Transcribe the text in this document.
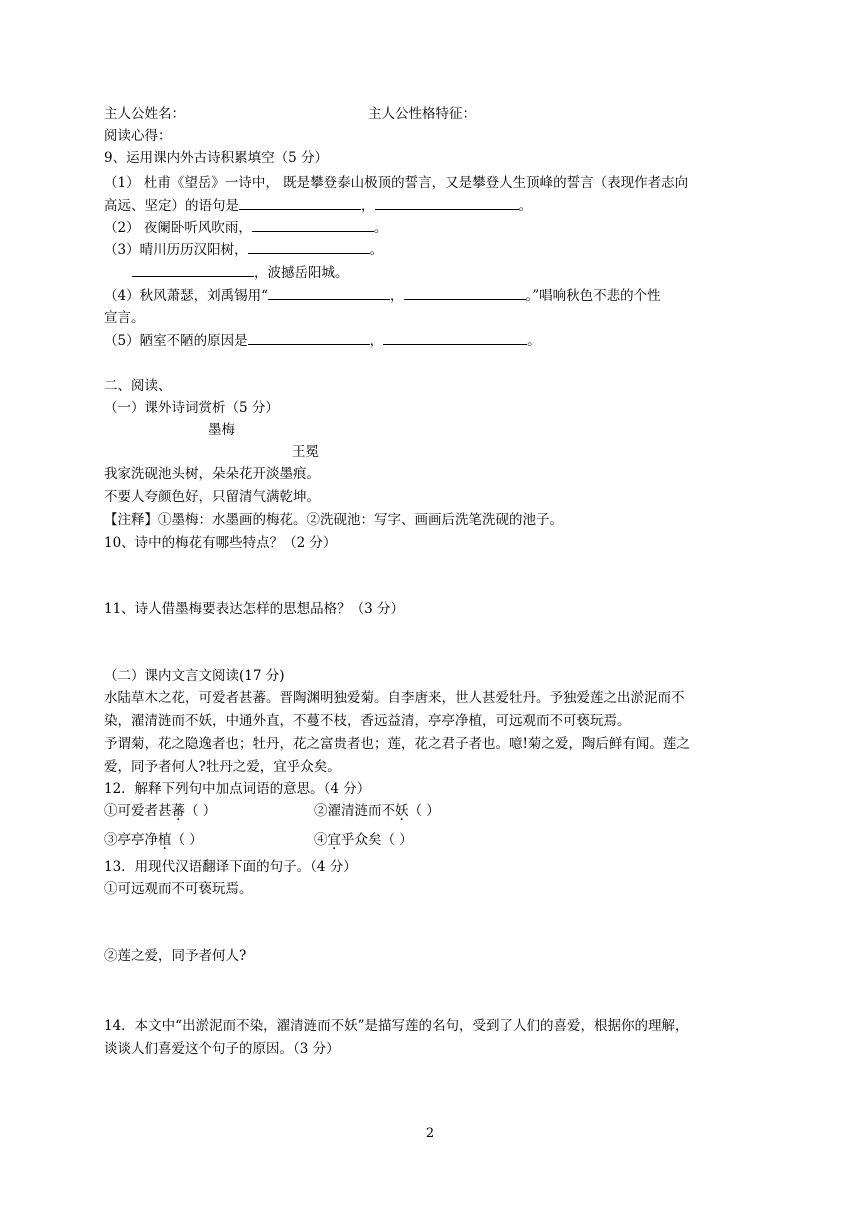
主人公姓名：	主人公性格特征：
阅读心得：
9、运用课内外古诗积累填空（5 分）
（1） 杜甫《望岳》一诗中， 既是攀登泰山极顶的誓言，又是攀登人生顶峰的誓言（表现作者志向
高远、坚定）的语句是	，	。
（2） 夜阑卧听风吹雨，	。
（3）晴川历历汉阳树，	。
，波撼岳阳城。
（4）秋风萧瑟，刘禹锡用“	，	。”唱响秋色不悲的个性
宣言。
（5）陋室不陋的原因是	，	。
二、阅读、
（一）课外诗词赏析（5 分）
墨梅
王冕
我家洗砚池头树，朵朵花开淡墨痕。
不要人夸颜色好，只留清气满乾坤。
【注释】①墨梅：水墨画的梅花。②洗砚池：写字、画画后洗笔洗砚的池子。
10、诗中的梅花有哪些特点？（2 分）
11、诗人借墨梅要表达怎样的思想品格？（3 分）
（二）课内文言文阅读(17 分)
水陆草木之花，可爱者甚蕃。晋陶渊明独爱菊。自李唐来，世人甚爱牡丹。予独爱莲之出淤泥而不
染，濯清涟而不妖，中通外直，不蔓不枝，香远益清，亭亭净植，可远观而不可亵玩焉。
予谓菊，花之隐逸者也；牡丹，花之富贵者也；莲，花之君子者也。噫!菊之爱，陶后鲜有闻。莲之
爱，同予者何人?牡丹之爱，宜乎众矣。
12．解释下列句中加点词语的意思。（4 分）
①可爱者甚蕃（ ）	②濯清涟而不妖（ ）
③亭亭净植（ ）	④宜乎众矣（ ）
13．用现代汉语翻译下面的句子。（4 分）
①可远观而不可亵玩焉。
②莲之爱，同予者何人?
14．本文中“出淤泥而不染，濯清涟而不妖”是描写莲的名句，受到了人们的喜爱，根据你的理解，
谈谈人们喜爱这个句子的原因。（3 分）
2
